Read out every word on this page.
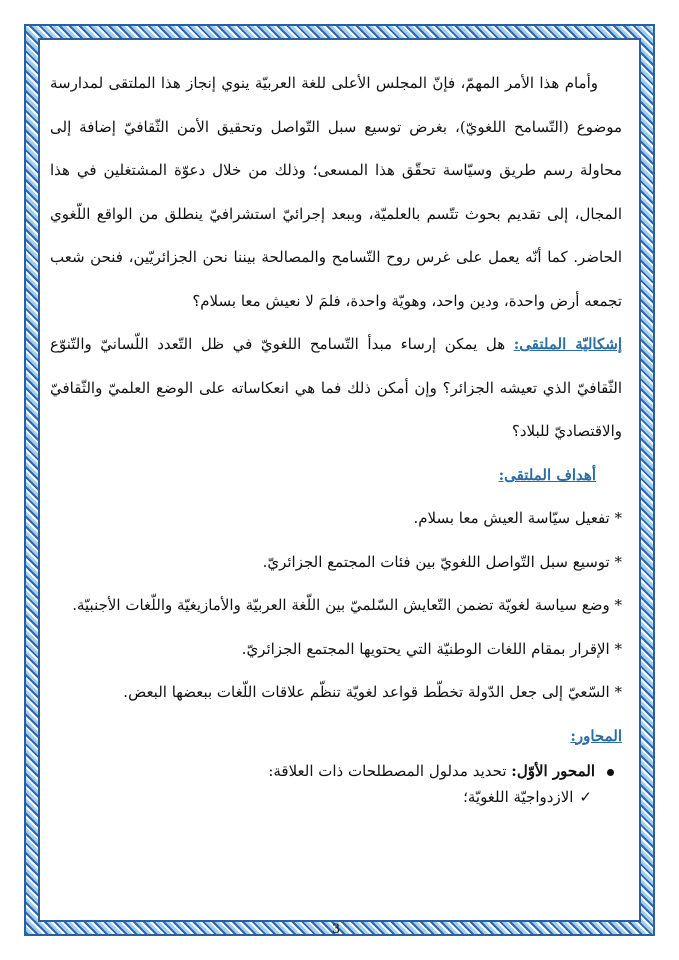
وأمام هذا الأمر المهمّ، فإنّ المجلس الأعلى للغة العربيّة ينوي إنجاز هذا الملتقى لمدارسة موضوع (التّسامح اللغويّ)، بغرض توسيع سبل التّواصل وتحقيق الأمن الثّقافيّ إضافة إلى محاولة رسم طريق وسيّاسة تحقّق هذا المسعى؛ وذلك من خلال دعوّة المشتغلين في هذا المجال، إلى تقديم بحوث تتّسم بالعلميّة، وببعد إجرائيّ استشرافيّ ينطلق من الواقع اللّغوي الحاضر. كما أنّه يعمل على غرس روح التّسامح والمصالحة بيننا نحن الجزائريّين، فنحن شعب تجمعه أرض واحدة، ودين واحد، وهويّة واحدة، فلمَ لا نعيش معا بسلام؟

إشكاليّة الملتقى: هل يمكن إرساء مبدأ التّسامح اللغويّ في ظل التّعدد اللّسانيّ والتّنوّع الثّقافيّ الذي تعيشه الجزائر؟ وإن أمكن ذلك فما هي انعكاساته على الوضع العلميّ والثّقافيّ والاقتصاديّ للبلاد؟

أهداف الملتقى:

* تفعيل سيّاسة العيش معا بسلام.

* توسيع سبل التّواصل اللغويّ بين فئات المجتمع الجزائريّ.

* وضع سياسة لغويّة تضمن التّعايش السّلميّ بين اللّغة العربيّة والأمازيغيّة واللّغات الأجنبيّة.

* الإقرار بمقام اللغات الوطنيّة التي يحتويها المجتمع الجزائريّ.

* السّعيّ إلى جعل الدّولة تخطّط قواعد لغويّة تنظّم علاقات اللّغات ببعضها البعض.

المحاور:

المحور الأوّل: تحديد مدلول المصطلحات ذات العلاقة:

✓الازدواجيّة اللغويّة؛

3
